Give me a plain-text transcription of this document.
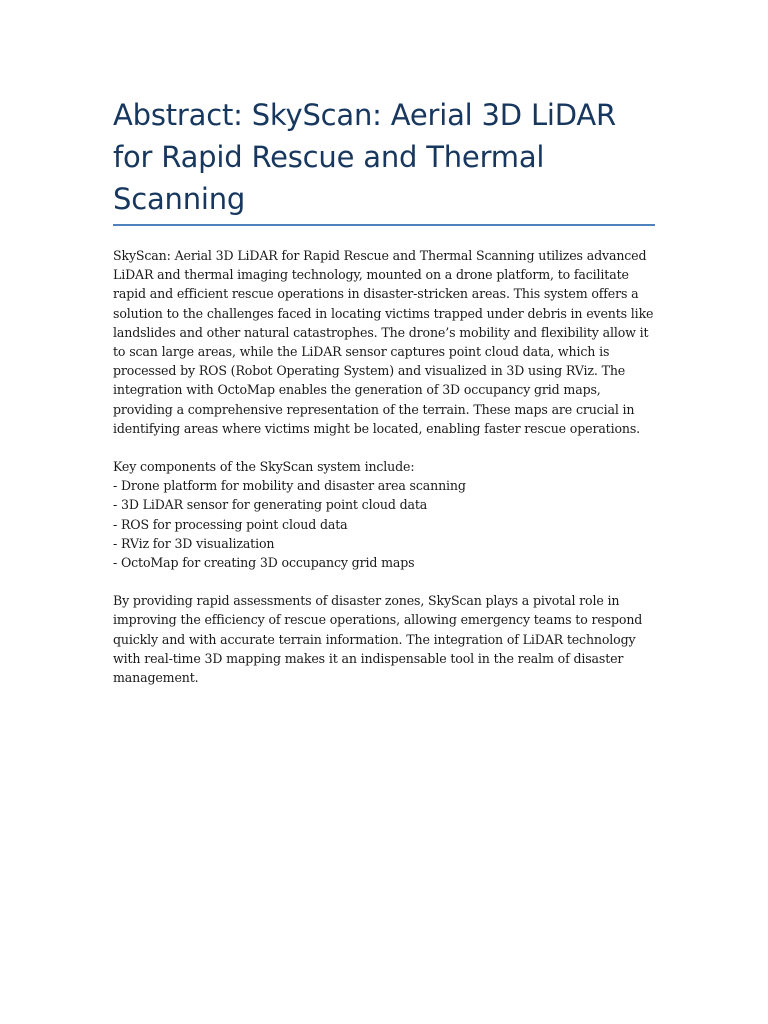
Abstract: SkyScan: Aerial 3D LiDAR for Rapid Rescue and Thermal Scanning

SkyScan: Aerial 3D LiDAR for Rapid Rescue and Thermal Scanning utilizes advanced LiDAR and thermal imaging technology, mounted on a drone platform, to facilitate rapid and efficient rescue operations in disaster-stricken areas. This system offers a solution to the challenges faced in locating victims trapped under debris in events like landslides and other natural catastrophes. The drone’s mobility and flexibility allow it to scan large areas, while the LiDAR sensor captures point cloud data, which is processed by ROS (Robot Operating System) and visualized in 3D using RViz. The integration with OctoMap enables the generation of 3D occupancy grid maps, providing a comprehensive representation of the terrain. These maps are crucial in identifying areas where victims might be located, enabling faster rescue operations.

Key components of the SkyScan system include:

- Drone platform for mobility and disaster area scanning
- 3D LiDAR sensor for generating point cloud data
- ROS for processing point cloud data
- RViz for 3D visualization
- OctoMap for creating 3D occupancy grid maps

By providing rapid assessments of disaster zones, SkyScan plays a pivotal role in improving the efficiency of rescue operations, allowing emergency teams to respond quickly and with accurate terrain information. The integration of LiDAR technology with real-time 3D mapping makes it an indispensable tool in the realm of disaster management.
